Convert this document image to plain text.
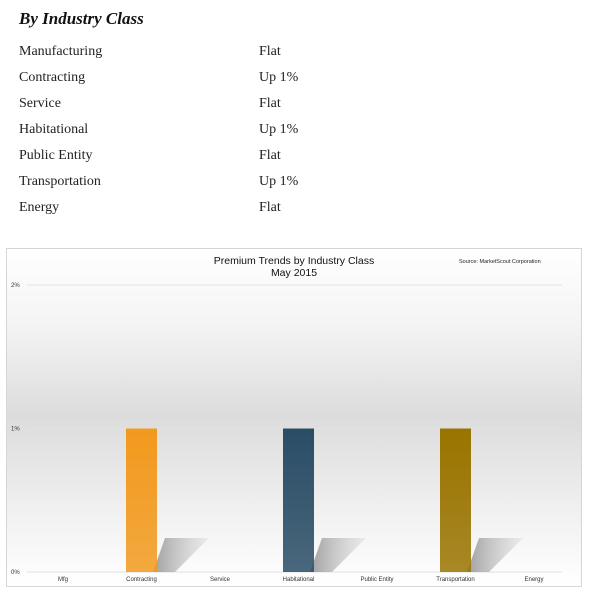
By Industry Class
Manufacturing	Flat
Contracting	Up 1%
Service	Flat
Habitational	Up 1%
Public Entity	Flat
Transportation	Up 1%
Energy	Flat
Premium Trends by Industry Class
May 2015
Source: MarketScout Corporation
0%
1%
2%
Mfg	Contracting	Service	Habitational	Public Entity	Transportation	Energy
